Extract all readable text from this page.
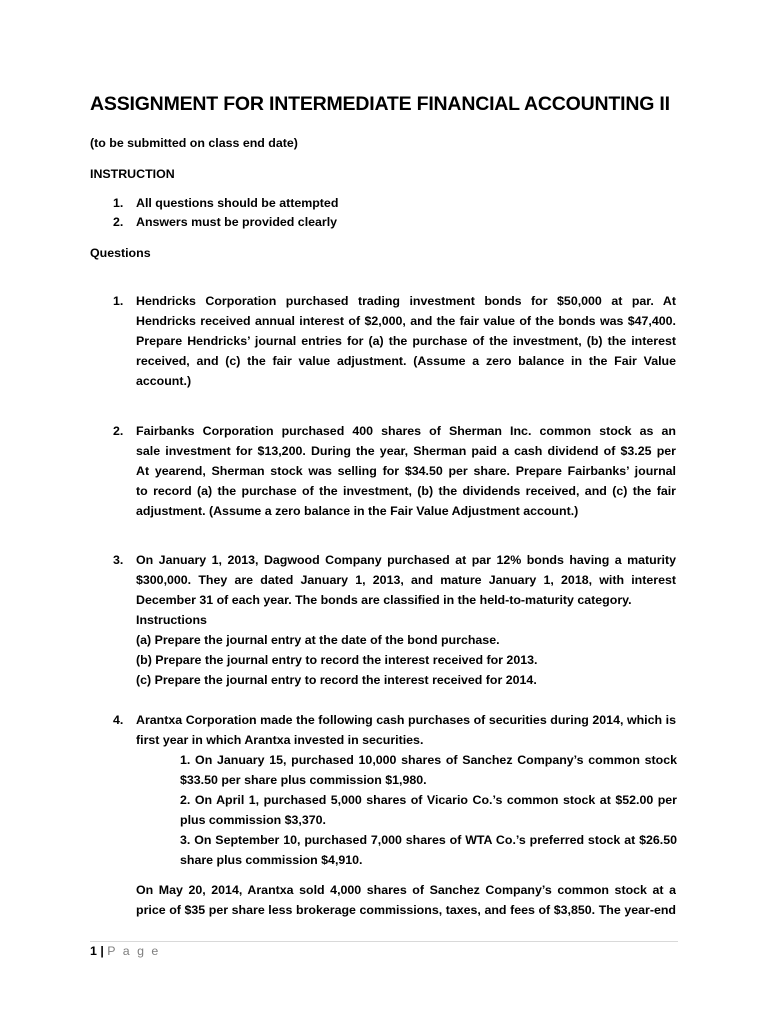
ASSIGNMENT FOR INTERMEDIATE FINANCIAL ACCOUNTING II
(to be submitted on class end date)
INSTRUCTION
1. All questions should be attempted
2. Answers must be provided clearly
Questions
1. Hendricks Corporation purchased trading investment bonds for $50,000 at par. At
Hendricks received annual interest of $2,000, and the fair value of the bonds was $47,400.
Prepare Hendricks’ journal entries for (a) the purchase of the investment, (b) the interest
received, and (c) the fair value adjustment. (Assume a zero balance in the Fair Value
account.)
2. Fairbanks Corporation purchased 400 shares of Sherman Inc. common stock as an
sale investment for $13,200. During the year, Sherman paid a cash dividend of $3.25 per
At yearend, Sherman stock was selling for $34.50 per share. Prepare Fairbanks’ journal
to record (a) the purchase of the investment, (b) the dividends received, and (c) the fair
adjustment. (Assume a zero balance in the Fair Value Adjustment account.)
3. On January 1, 2013, Dagwood Company purchased at par 12% bonds having a maturity
$300,000. They are dated January 1, 2013, and mature January 1, 2018, with interest
December 31 of each year. The bonds are classified in the held-to-maturity category.
Instructions
(a) Prepare the journal entry at the date of the bond purchase.
(b) Prepare the journal entry to record the interest received for 2013.
(c) Prepare the journal entry to record the interest received for 2014.
4. Arantxa Corporation made the following cash purchases of securities during 2014, which is
first year in which Arantxa invested in securities.
1. On January 15, purchased 10,000 shares of Sanchez Company’s common stock
$33.50 per share plus commission $1,980.
2. On April 1, purchased 5,000 shares of Vicario Co.’s common stock at $52.00 per
plus commission $3,370.
3. On September 10, purchased 7,000 shares of WTA Co.’s preferred stock at $26.50
share plus commission $4,910.
On May 20, 2014, Arantxa sold 4,000 shares of Sanchez Company’s common stock at a
price of $35 per share less brokerage commissions, taxes, and fees of $3,850. The year-end
1 | P a g e
